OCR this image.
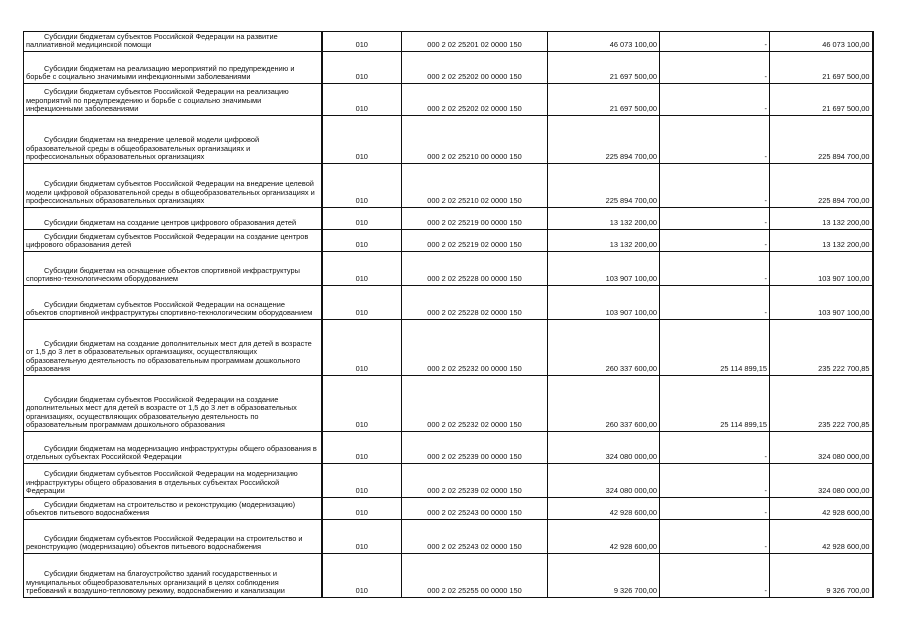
Субсидии бюджетам субъектов Российской Федерации на развитие паллиативной медицинской помощи	010	000 2 02 25201 02 0000 150	46 073 100,00	-	46 073 100,00
Субсидии бюджетам на реализацию мероприятий по предупреждению и борьбе с социально значимыми инфекционными заболеваниями	010	000 2 02 25202 00 0000 150	21 697 500,00	-	21 697 500,00
Субсидии бюджетам субъектов Российской Федерации на реализацию мероприятий по предупреждению и борьбе с социально значимыми инфекционными заболеваниями	010	000 2 02 25202 02 0000 150	21 697 500,00	-	21 697 500,00
Субсидии бюджетам на внедрение целевой модели цифровой образовательной среды в общеобразовательных организациях и профессиональных образовательных организациях	010	000 2 02 25210 00 0000 150	225 894 700,00	-	225 894 700,00
Субсидии бюджетам субъектов Российской Федерации на внедрение целевой модели цифровой образовательной среды в общеобразовательных организациях и профессиональных образовательных организациях	010	000 2 02 25210 02 0000 150	225 894 700,00	-	225 894 700,00
Субсидии бюджетам на создание центров цифрового образования детей	010	000 2 02 25219 00 0000 150	13 132 200,00	-	13 132 200,00
Субсидии бюджетам субъектов Российской Федерации на создание центров цифрового образования детей	010	000 2 02 25219 02 0000 150	13 132 200,00	-	13 132 200,00
Субсидии бюджетам на оснащение объектов спортивной инфраструктуры спортивно-технологическим оборудованием	010	000 2 02 25228 00 0000 150	103 907 100,00	-	103 907 100,00
Субсидии бюджетам субъектов Российской Федерации на оснащение объектов спортивной инфраструктуры спортивно-технологическим оборудованием	010	000 2 02 25228 02 0000 150	103 907 100,00	-	103 907 100,00
Субсидии бюджетам на создание дополнительных мест для детей в возрасте от 1,5 до 3 лет в образовательных организациях, осуществляющих образовательную деятельность по образовательным программам дошкольного образования	010	000 2 02 25232 00 0000 150	260 337 600,00	25 114 899,15	235 222 700,85
Субсидии бюджетам субъектов Российской Федерации на создание дополнительных мест для детей в возрасте от 1,5 до 3 лет в образовательных организациях, осуществляющих образовательную деятельность по образовательным программам дошкольного образования	010	000 2 02 25232 02 0000 150	260 337 600,00	25 114 899,15	235 222 700,85
Субсидии бюджетам на модернизацию инфраструктуры общего образования в отдельных субъектах Российской Федерации	010	000 2 02 25239 00 0000 150	324 080 000,00	-	324 080 000,00
Субсидии бюджетам субъектов Российской Федерации на модернизацию инфраструктуры общего образования в отдельных субъектах Российской Федерации	010	000 2 02 25239 02 0000 150	324 080 000,00	-	324 080 000,00
Субсидии бюджетам на строительство и реконструкцию (модернизацию) объектов питьевого водоснабжения	010	000 2 02 25243 00 0000 150	42 928 600,00	-	42 928 600,00
Субсидии бюджетам субъектов Российской Федерации на строительство и реконструкцию (модернизацию) объектов питьевого водоснабжения	010	000 2 02 25243 02 0000 150	42 928 600,00	-	42 928 600,00
Субсидии бюджетам на благоустройство зданий государственных и муниципальных общеобразовательных организаций в целях соблюдения требований к воздушно-тепловому режиму, водоснабжению и канализации	010	000 2 02 25255 00 0000 150	9 326 700,00	-	9 326 700,00
